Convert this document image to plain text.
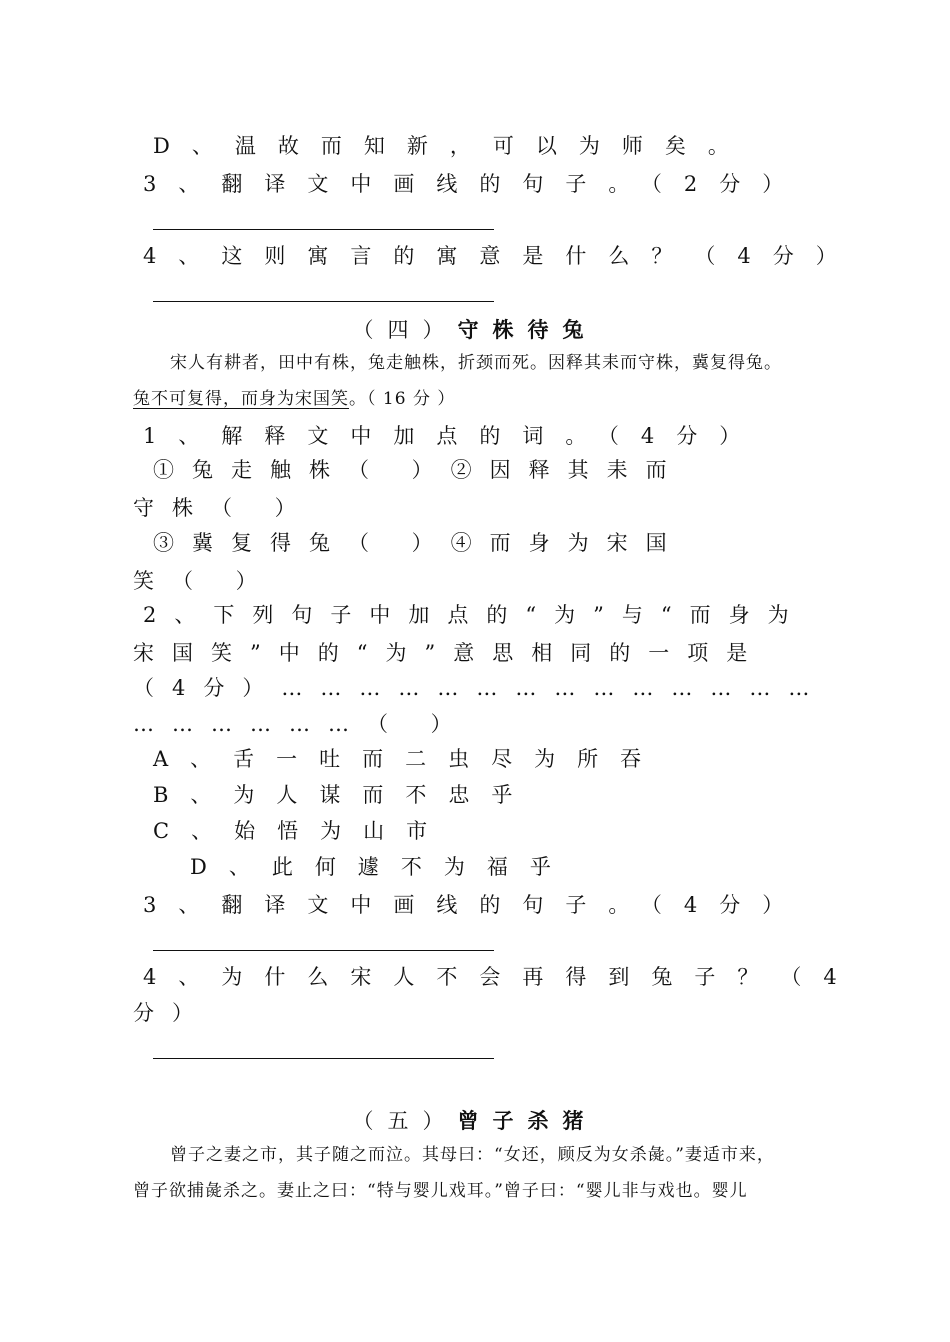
D、温故而知新，可以为师矣。
3、翻译文中画线的句子。（2分）
4、这则寓言的寓意是什么？（4分）
（四）守株待兔
宋人有耕者，田中有株，兔走触株，折颈而死。因释其耒而守株，冀复得兔。
兔不可复得，而身为宋国笑。（ 16 分 ）
1、解释文中加点的词。（4分）
①兔走触株（ ）②因释其耒而
守株（ ）
③冀复得兔（ ）④而身为宋国
笑（ ）
2、下列句子中加点的“为”与“而身为
宋国笑”中的“为”意思相同的一项是
（4分）……………………………………
………………（ ）
A、舌一吐而二虫尽为所吞
B、为人谋而不忠乎
C、始悟为山市
D、此何遽不为福乎
3、翻译文中画线的句子。（4分）
4、为什么宋人不会再得到兔子？（4
分）
（五）曾子杀猪
曾子之妻之市，其子随之而泣。其母曰：“女还，顾反为女杀彘。”妻适市来，
曾子欲捕彘杀之。妻止之曰：“特与婴儿戏耳。”曾子曰：“婴儿非与戏也。婴儿
